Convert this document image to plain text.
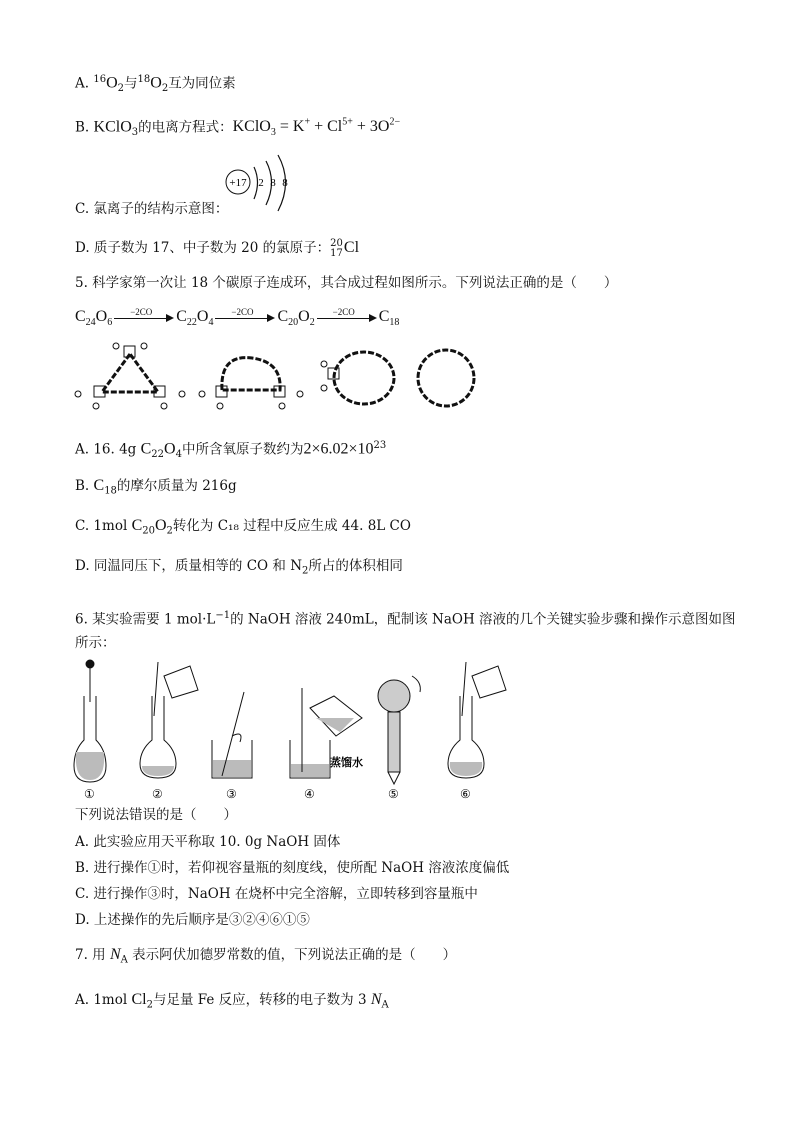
A. $^{16}O_2$与$^{18}O_2$互为同位素
B. KClO$_3$的电离方程式：KClO$_3$ = $K^+ + Cl^{5+} + 3O^{2-}$
+17 2 8 8
C. 氯离子的结构示意图：
D. 质子数为 17、中子数为 20 的氯原子：20
17Cl
5. 科学家第一次让 18 个碳原子连成环，其合成过程如图所示。下列说法正确的是（　　）
$C_{24}O_6$
−2CO	$C_{22}O_4$
−2CO	$C_{20}O_2$
−2CO	$C_{18}$
A. 16. 4g $C_{22}O_4$中所含氧原子数约为$2\times 6.02\times 10^{23}$
B. $C_{18}$的摩尔质量为 216g
C. 1mol $C_{20}O_2$转化为 C₁₈ 过程中反应生成 44. 8L CO
D. 同温同压下，质量相等的 CO 和 $N_2$所占的体积相同
6. 某实验需要 1 $mol\cdot L^{-1}$的 NaOH 溶液 240mL，配制该 NaOH 溶液的几个关键实验步骤和操作示意图如图
所示：
蒸馏水
①	②	③	④	⑤	⑥
下列说法错误的是（　　）
A. 此实验应用天平称取 10. 0g NaOH 固体
B. 进行操作①时，若仰视容量瓶的刻度线，使所配 NaOH 溶液浓度偏低
C. 进行操作③时，NaOH 在烧杯中完全溶解，立即转移到容量瓶中
D. 上述操作的先后顺序是③②④⑥①⑤
7. 用 $N_A$ 表示阿伏加德罗常数的值，下列说法正确的是（　　）
A. 1mol $Cl_2$与足量 Fe 反应，转移的电子数为 3 $N_A$
